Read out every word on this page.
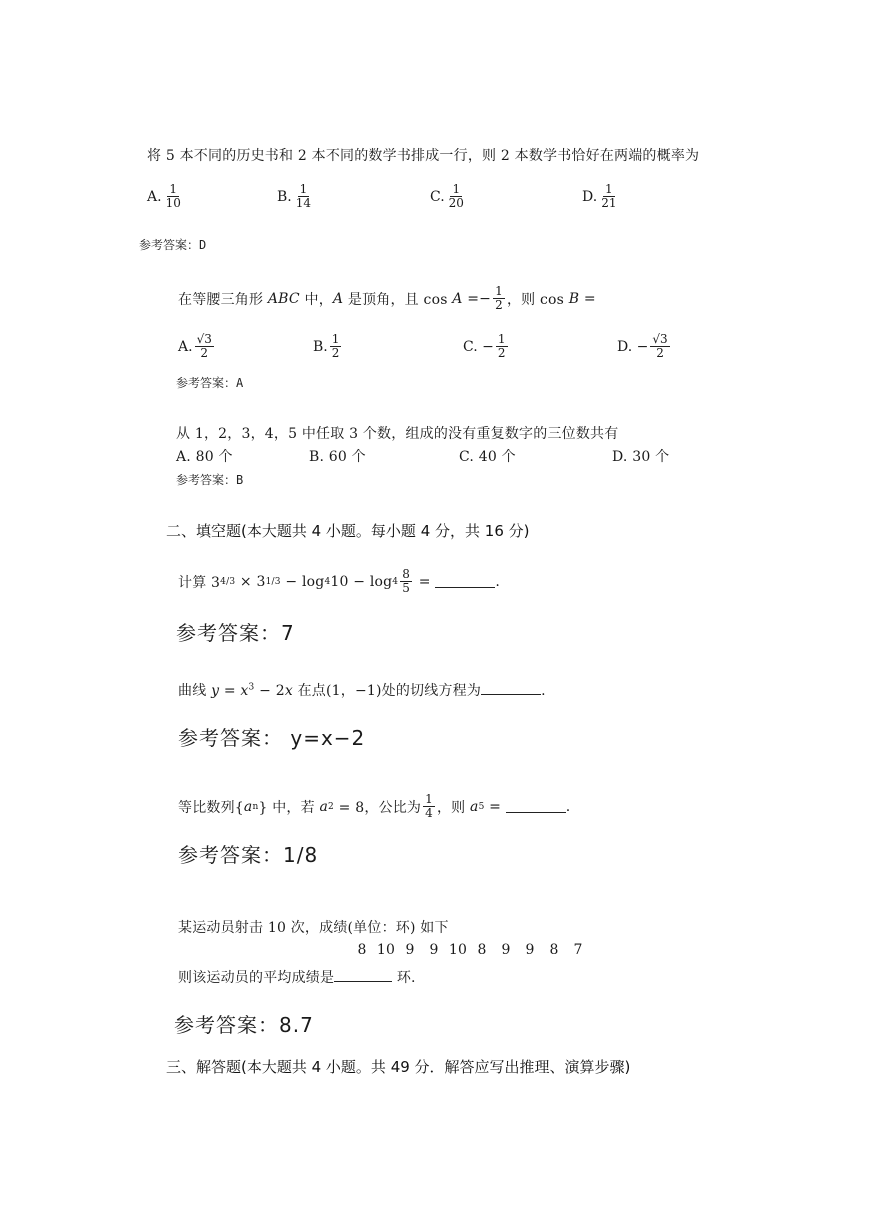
将 5 本不同的历史书和 2 本不同的数学书排成一行，则 2 本数学书恰好在两端的概率为
A. $\frac{1}{10}$	B. $\frac{1}{14}$	C. $\frac{1}{20}$	D. $\frac{1}{21}$
参考答案：D
在等腰三角形
ABC
中， A
是顶角，且 cos
A
=− $\frac{1}{2}$ ，则 cos
B
=
A. $\frac{√3}{2}$	B. $\frac{1}{2}$	C.
− $\frac{1}{2}$	D.
− $\frac{√3}{2}$
参考答案：A
从 1，2，3，4，5 中任取 3 个数，组成的没有重复数字的三位数共有
A. 80 个	B. 60 个	C. 40 个	D. 30 个
参考答案：B
二、填空题(本大题共 4 小题。每小题 4 分，共 16 分)
计算 3 4/3
× 3 1/3
− log 4 $10 - \log 4 \frac{8}{5}$
=
	.
参考答案：7
曲线 $y = x^3 - 2x$ 在点(1，−1)处的切线方程为	.
参考答案： y=x−2
等比数列{ a n } 中，若
a 2
= 8，公比为 $\frac{1}{4}$ ，则
a 5
=
	.
参考答案：1/8
某运动员射击 10 次，成绩(单位：环) 如下
8 10 9 9 10 8 9 9 8 7
则该运动员的平均成绩是	环.
参考答案：8.7
三、解答题(本大题共 4 小题。共 49 分．解答应写出推理、演算步骤)
